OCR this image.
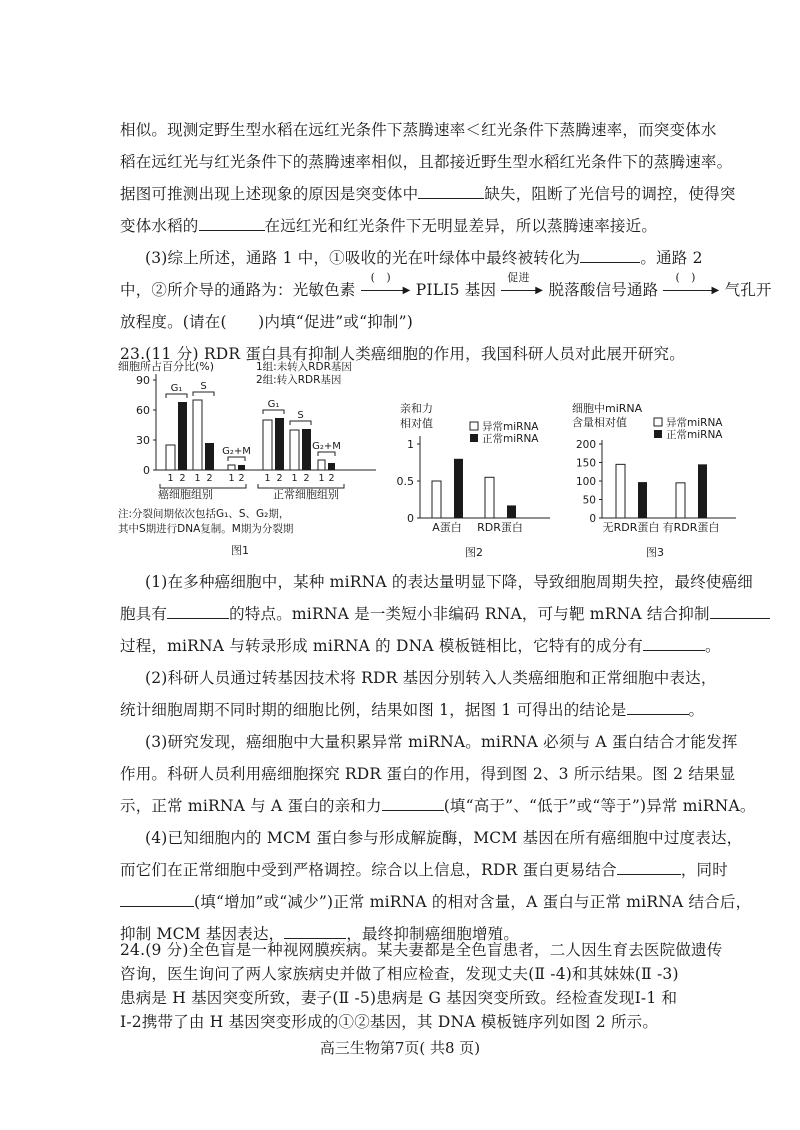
相似。现测定野生型水稻在远红光条件下蒸腾速率＜红光条件下蒸腾速率，而突变体水
稻在远红光与红光条件下的蒸腾速率相似，且都接近野生型水稻红光条件下的蒸腾速率。
据图可推测出现上述现象的原因是突变体中	缺失，阻断了光信号的调控，使得突
变体水稻的	在远红光和红光条件下无明显差异，所以蒸腾速率接近。
(3)综上所述，通路 1 中，①吸收的光在叶绿体中最终被转化为	。通路 2
中，②所介导的通路为：光敏色素
(　)
▶ PILI5 基因
促进
▶ 脱落酸信号通路
(　)
▶ 气孔开
放程度。(请在(　　)内填“促进”或“抑制”)
23.(11 分) RDR 蛋白具有抑制人类癌细胞的作用，我国科研人员对此展开研究。
细胞所占百分比(%)	1组:未转入RDR基因
2组:转入RDR基因
90
60
30
0
G₁
1 2
S
1 2
G₂+M
1 2
G₁
1 2
S
1 2
G₂+M
1 2
癌细胞组别	正常细胞组别
注:分裂间期依次包括G₁、S、G₂期，
其中S期进行DNA复制。M期为分裂期
图1
亲和力
相对值	异常miRNA
正常miRNA
1
0.5
0
A蛋白 RDR蛋白
图2
细胞中miRNA
含量相对值	异常miRNA
正常miRNA
200
150
100
50
0
无RDR蛋白 有RDR蛋白
图3
(1)在多种癌细胞中，某种 miRNA 的表达量明显下降，导致细胞周期失控，最终使癌细
胞具有	的特点。miRNA 是一类短小非编码 RNA，可与靶 mRNA 结合抑制
过程，miRNA 与转录形成 miRNA 的 DNA 模板链相比，它特有的成分有	。
(2)科研人员通过转基因技术将 RDR 基因分别转入人类癌细胞和正常细胞中表达，
统计细胞周期不同时期的细胞比例，结果如图 1，据图 1 可得出的结论是	。
(3)研究发现，癌细胞中大量积累异常 miRNA。miRNA 必须与 A 蛋白结合才能发挥
作用。科研人员利用癌细胞探究 RDR 蛋白的作用，得到图 2、3 所示结果。图 2 结果显
示，正常 miRNA 与 A 蛋白的亲和力	(填“高于”、“低于”或“等于”)异常 miRNA。
(4)已知细胞内的 MCM 蛋白参与形成解旋酶，MCM 基因在所有癌细胞中过度表达，
而它们在正常细胞中受到严格调控。综合以上信息，RDR 蛋白更易结合	，同时
(填“增加”或“减少”)正常 miRNA 的相对含量，A 蛋白与正常 miRNA 结合后，
抑制 MCM 基因表达，	，最终抑制癌细胞增殖。
24.(9 分)全色盲是一种视网膜疾病。某夫妻都是全色盲患者，二人因生育去医院做遗传
咨询，医生询问了两人家族病史并做了相应检查，发现丈夫(Ⅱ -4)和其妹妹(Ⅱ -3)
患病是 H 基因突变所致，妻子(Ⅱ -5)患病是 G 基因突变所致。经检查发现Ⅰ-1 和
高三生物第7页( 共8 页)
Ⅰ-2携带了由 H 基因突变形成的①②基因，其 DNA 模板链序列如图 2 所示。
